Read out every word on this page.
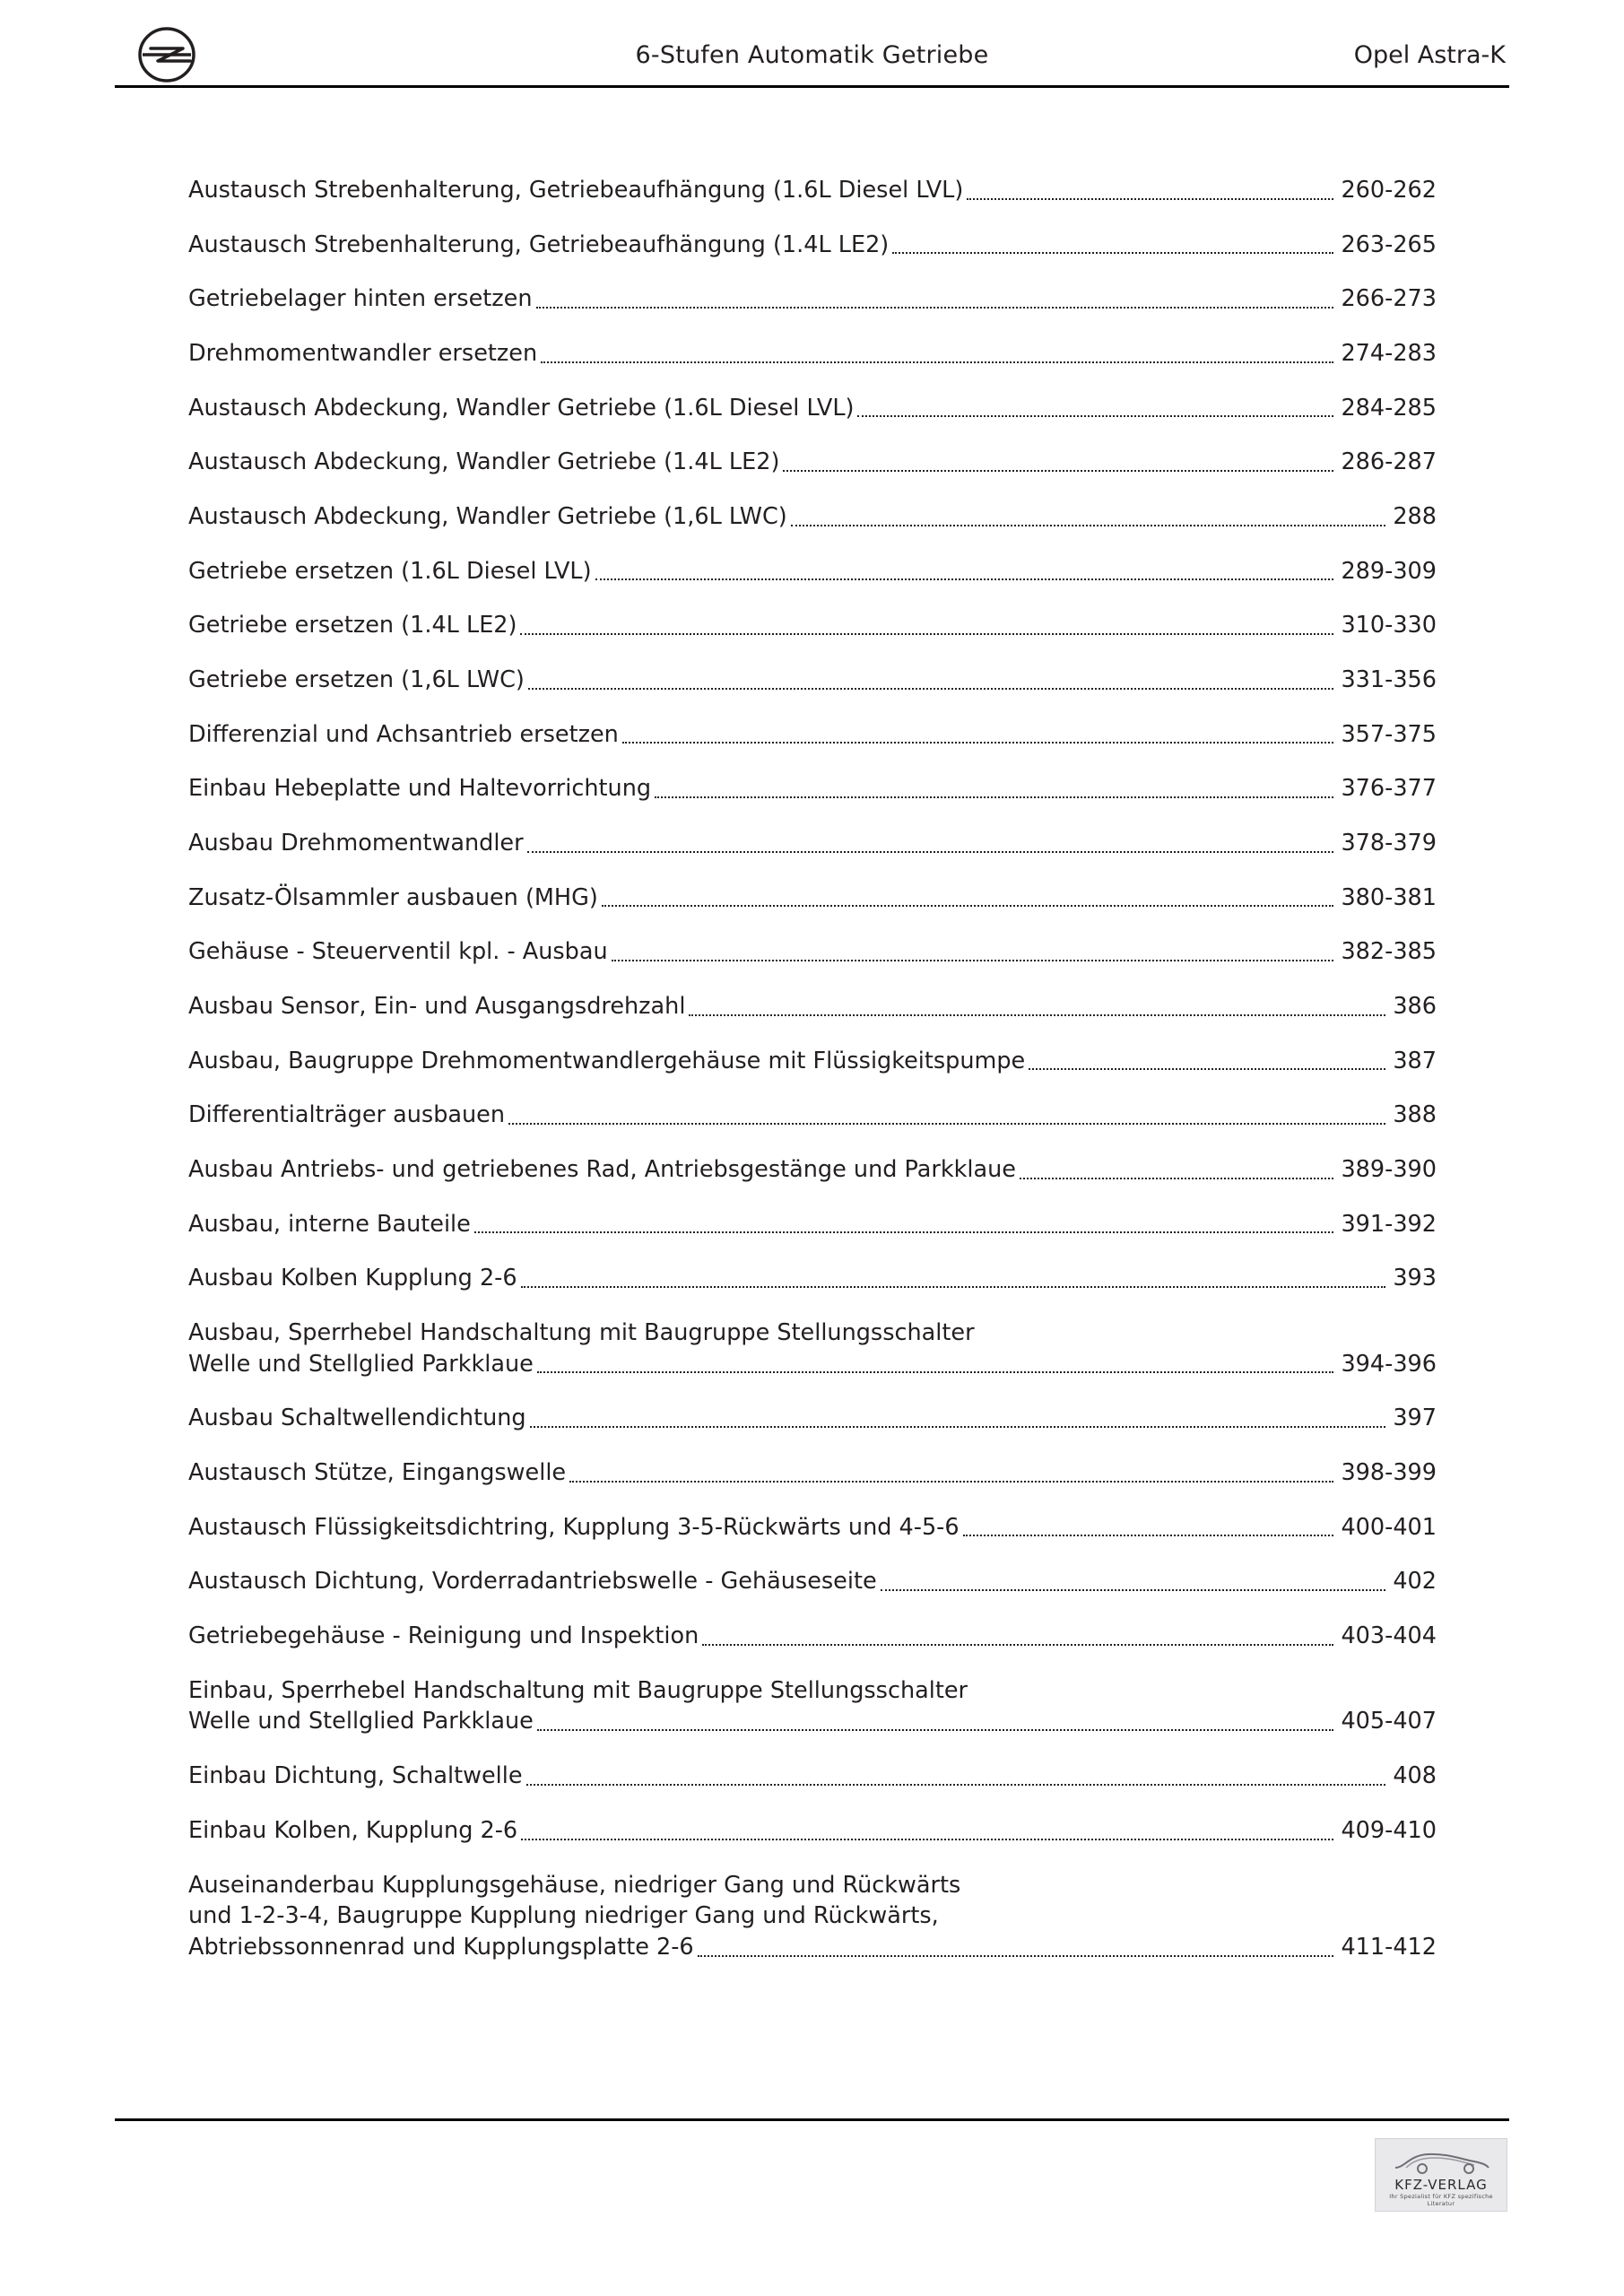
6-Stufen Automatik Getriebe	Opel Astra-K
Austausch Strebenhalterung, Getriebeaufhängung (1.6L Diesel LVL)	260-262
Austausch Strebenhalterung, Getriebeaufhängung (1.4L LE2)	263-265
Getriebelager hinten ersetzen	266-273
Drehmomentwandler ersetzen	274-283
Austausch Abdeckung, Wandler Getriebe (1.6L Diesel LVL)	284-285
Austausch Abdeckung, Wandler Getriebe (1.4L LE2)	286-287
Austausch Abdeckung, Wandler Getriebe (1,6L LWC)	288
Getriebe ersetzen (1.6L Diesel LVL)	289-309
Getriebe ersetzen (1.4L LE2)	310-330
Getriebe ersetzen (1,6L LWC)	331-356
Differenzial und Achsantrieb ersetzen	357-375
Einbau Hebeplatte und Haltevorrichtung	376-377
Ausbau Drehmomentwandler	378-379
Zusatz-Ölsammler ausbauen (MHG)	380-381
Gehäuse - Steuerventil kpl. - Ausbau	382-385
Ausbau Sensor, Ein- und Ausgangsdrehzahl	386
Ausbau, Baugruppe Drehmomentwandlergehäuse mit Flüssigkeitspumpe	387
Differentialträger ausbauen	388
Ausbau Antriebs- und getriebenes Rad, Antriebsgestänge und Parkklaue	389-390
Ausbau, interne Bauteile	391-392
Ausbau Kolben Kupplung 2-6	393
Ausbau, Sperrhebel Handschaltung mit Baugruppe Stellungsschalter
Welle und Stellglied Parkklaue	394-396
Ausbau Schaltwellendichtung	397
Austausch Stütze, Eingangswelle	398-399
Austausch Flüssigkeitsdichtring, Kupplung 3-5-Rückwärts und 4-5-6	400-401
Austausch Dichtung, Vorderradantriebswelle - Gehäuseseite	402
Getriebegehäuse - Reinigung und Inspektion	403-404
Einbau, Sperrhebel Handschaltung mit Baugruppe Stellungsschalter
Welle und Stellglied Parkklaue	405-407
Einbau Dichtung, Schaltwelle	408
Einbau Kolben, Kupplung 2-6	409-410
Auseinanderbau Kupplungsgehäuse, niedriger Gang und Rückwärts
und 1-2-3-4, Baugruppe Kupplung niedriger Gang und Rückwärts,
Abtriebssonnenrad und Kupplungsplatte 2-6	411-412
KFZ-VERLAG
Ihr Spezialist für KFZ spezifische Literatur
